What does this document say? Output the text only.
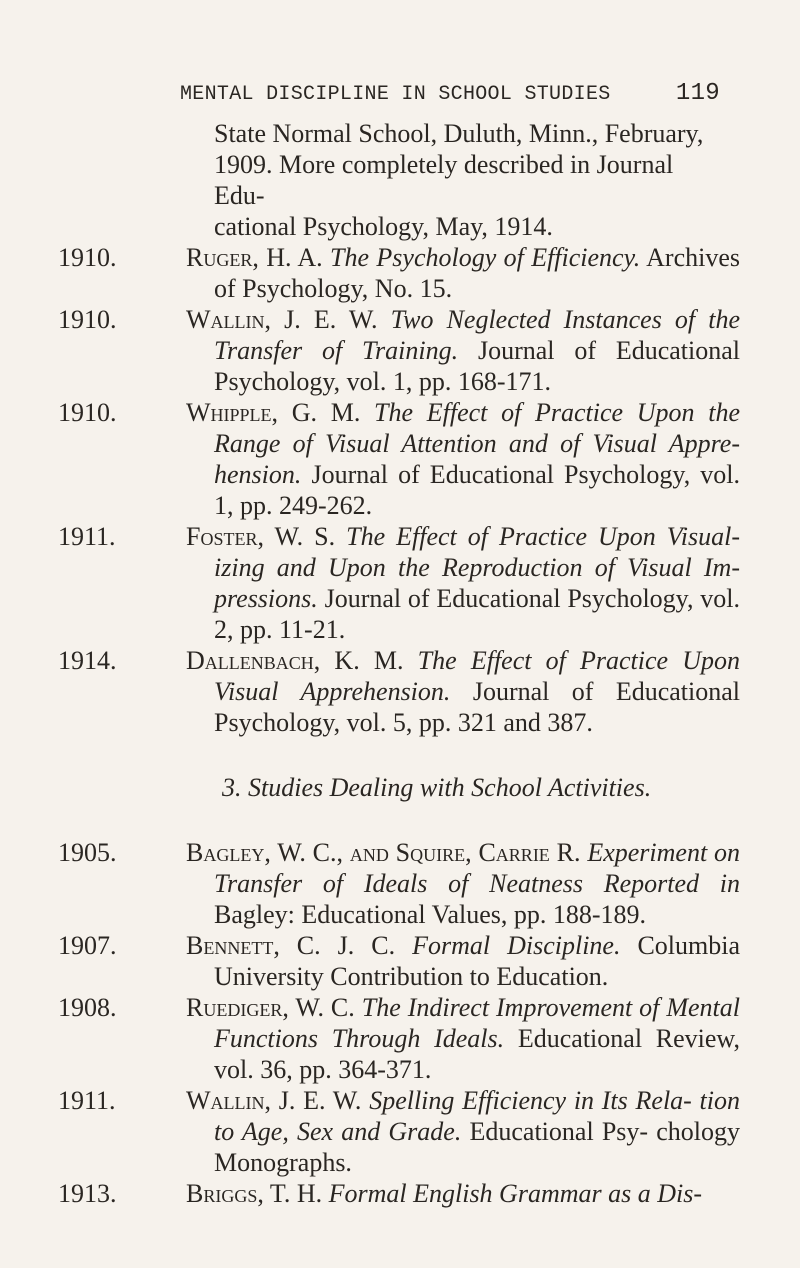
MENTAL DISCIPLINE IN SCHOOL STUDIES	119
State Normal School, Duluth, Minn., February,
1909. More completely described in Journal Edu-
cational Psychology, May, 1914.
1910.	Ruger, H. A. The Psychology of Efficiency. Archives of Psychology, No. 15.
1910.	Wallin, J. E. W. Two Neglected Instances of the Transfer of Training. Journal of Educational Psychology, vol. 1, pp. 168-171.
1910.	Whipple, G. M. The Effect of Practice Upon the Range of Visual Attention and of Visual Appre- hension. Journal of Educational Psychology, vol. 1, pp. 249-262.
1911.	Foster, W. S. The Effect of Practice Upon Visual- izing and Upon the Reproduction of Visual Im- pressions. Journal of Educational Psychology, vol. 2, pp. 11-21.
1914.	Dallenbach, K. M. The Effect of Practice Upon Visual Apprehension. Journal of Educational Psychology, vol. 5, pp. 321 and 387.
3. Studies Dealing with School Activities.
1905.	Bagley, W. C., and Squire, Carrie R. Experiment on Transfer of Ideals of Neatness Reported in Bagley: Educational Values, pp. 188-189.
1907.	Bennett, C. J. C. Formal Discipline. Columbia University Contribution to Education.
1908.	Ruediger, W. C. The Indirect Improvement of Mental Functions Through Ideals. Educational Review, vol. 36, pp. 364-371.
1911.	Wallin, J. E. W. Spelling Efficiency in Its Rela- tion to Age, Sex and Grade. Educational Psy- chology Monographs.
1913.	Briggs, T. H. Formal English Grammar as a Dis-
